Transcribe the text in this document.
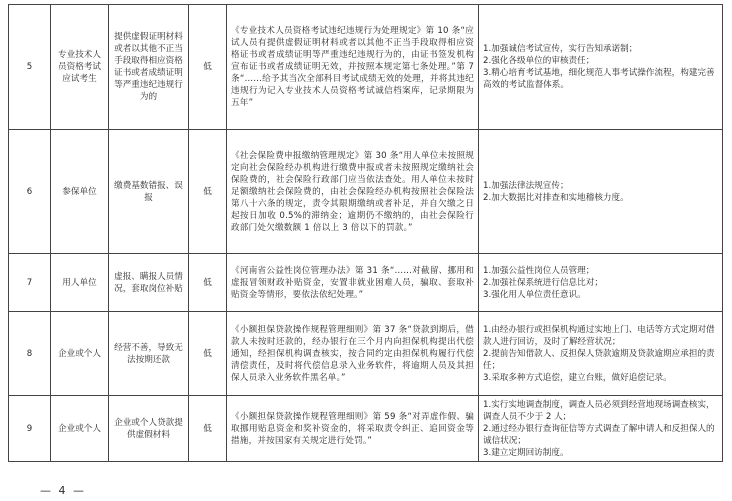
5	专业技术人员资格考试应试考生	提供虚假证明材料或者以其他不正当手段取得相应资格证书或者成绩证明等严重违纪违规行为的	低	《专业技术人员资格考试违纪违规行为处理规定》第 10 条“应试人员有提供虚假证明材料或者以其他不正当手段取得相应资格证书或者成绩证明等严重违纪违规行为的，由证书签发机构宣布证书或者成绩证明无效，并按照本规定第七条处理。”第 7 条“……给予其当次全部科目考试成绩无效的处理，并将其违纪违规行为记入专业技术人员资格考试诚信档案库，记录期限为五年”	1.加强诚信考试宣传，实行告知承诺制；
2.强化各级单位的审核责任；
3.精心培育考试基地，细化规范人事考试操作流程，构建完善高效的考试监督体系。

6	参保单位	缴费基数错报、误报	低	《社会保险费申报缴纳管理规定》第 30 条“用人单位未按照规定向社会保险经办机构进行缴费申报或者未按照规定缴纳社会保险费的，社会保险行政部门应当依法查处。用人单位未按时足额缴纳社会保险费的，由社会保险经办机构按照社会保险法第八十六条的规定，责令其限期缴纳或者补足，并自欠缴之日起按日加收 0.5%的滞纳金；逾期仍不缴纳的，由社会保险行政部门处欠缴数额 1 倍以上 3 倍以下的罚款。”	1.加强法律法规宣传；
2.加大数据比对排查和实地稽核力度。

7	用人单位	虚报、瞒报人员情况，套取岗位补贴	低	《河南省公益性岗位管理办法》第 31 条“……对截留、挪用和虚报冒领财政补贴资金，安置非就业困难人员，骗取、套取补贴资金等情形，要依法依纪处理。”	1.加强公益性岗位人员管理；
2.加强社保系统进行信息比对；
3.强化用人单位责任意识。

8	企业或个人	经营不善，导致无法按期还款	低	《小额担保贷款操作规程管理细则》第 37 条“贷款到期后，借款人未按时还款的，经办银行在三个月内向担保机构提出代偿通知，经担保机构调查核实，按合同约定由担保机构履行代偿清偿责任，及时将代偿信息录入业务软件，将逾期人员及其担保人员录入业务软件黑名单。”	1.由经办银行或担保机构通过实地上门、电话等方式定期对借款人进行回访，及时了解经营状况；
2.提前告知借款人、反担保人贷款逾期及贷款逾期应承担的责任；
3.采取多种方式追偿，建立台账，做好追偿记录。

9	企业或个人	企业或个人贷款提供虚假材料	低	《小额担保贷款操作规程管理细则》第 59 条“对弄虚作假、骗取挪用贴息资金和奖补资金的，将采取责令纠正、追回资金等措施，并按国家有关规定进行处罚。”	1.实行实地调查制度，调查人员必须到经营地现场调查核实，调查人员不少于 2 人；
2.通过经办银行查询征信等方式调查了解申请人和反担保人的诚信状况；
3.建立定期回访制度。
— 4 —
